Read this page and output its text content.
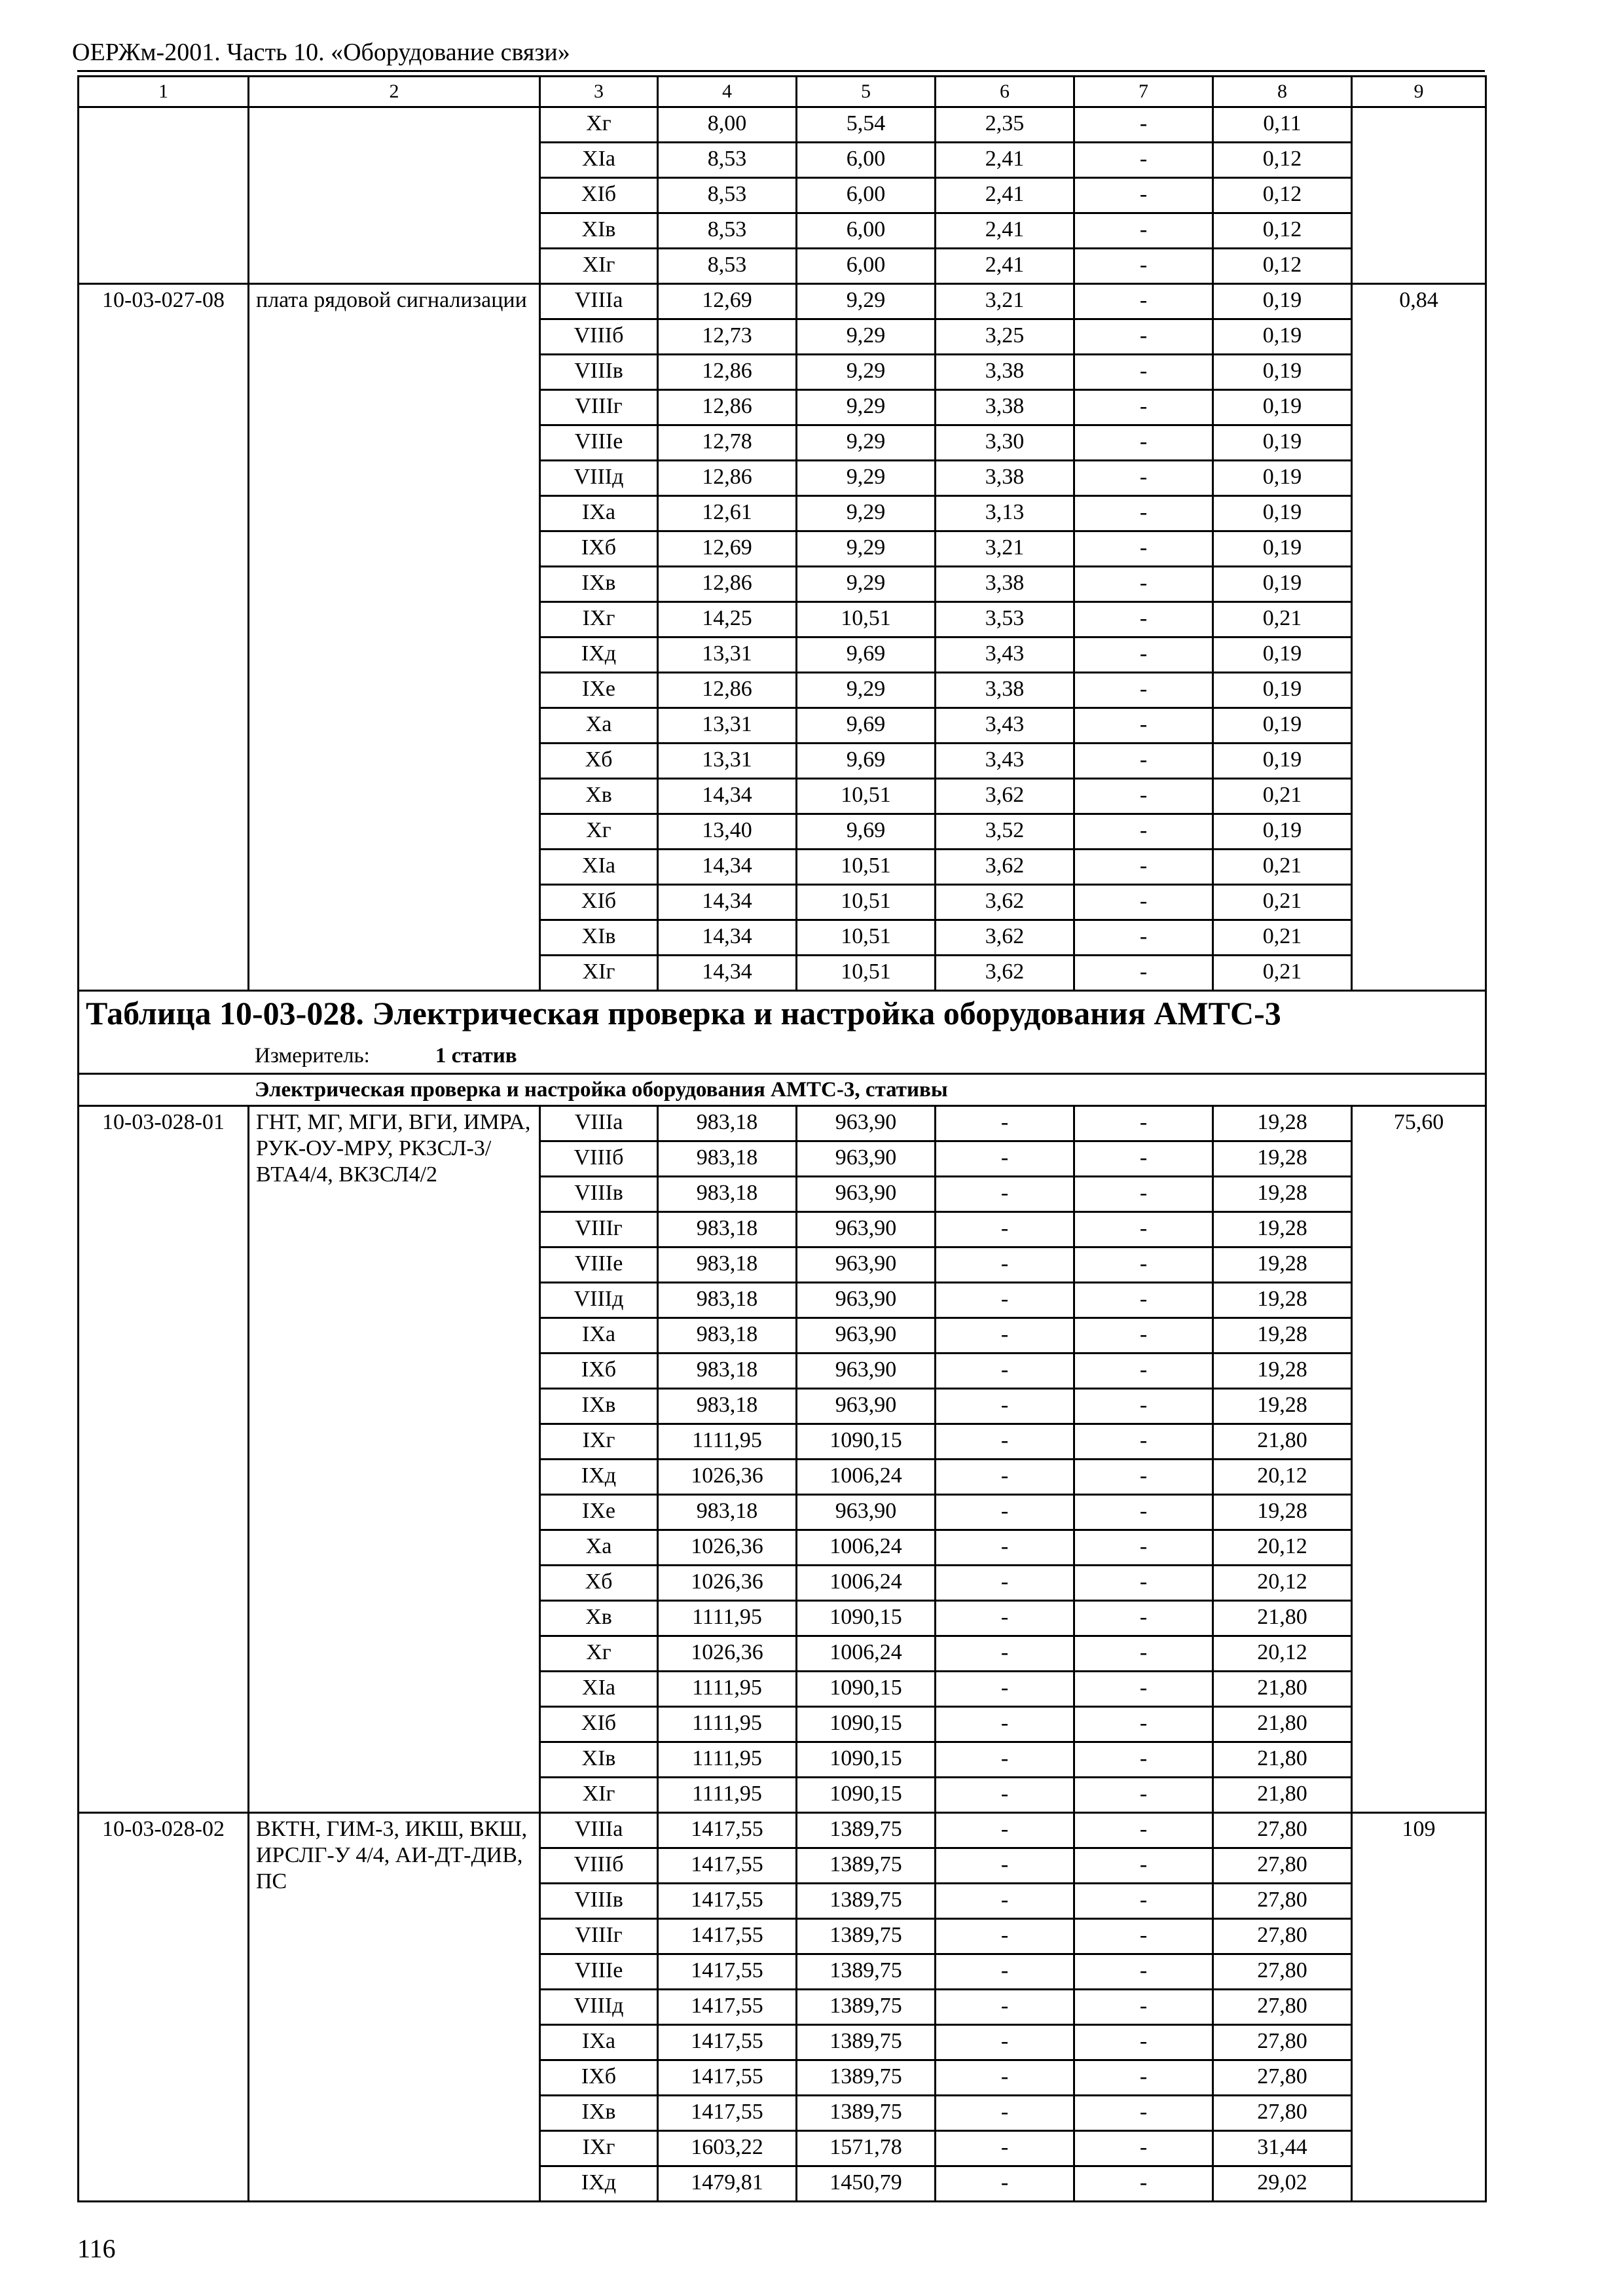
ОЕРЖм-2001. Часть 10. «Оборудование связи»
1	2	3	4	5	6	7	8	9
		Xг	8,00	5,54	2,35	-	0,11	
		XIа	8,53	6,00	2,41	-	0,12	
		XIб	8,53	6,00	2,41	-	0,12	
		XIв	8,53	6,00	2,41	-	0,12	
		XIг	8,53	6,00	2,41	-	0,12	
10-03-027-08	плата рядовой сигнализации	VIIIа	12,69	9,29	3,21	-	0,19	0,84
		VIIIб	12,73	9,29	3,25	-	0,19	
		VIIIв	12,86	9,29	3,38	-	0,19	
		VIIIг	12,86	9,29	3,38	-	0,19	
		VIIIе	12,78	9,29	3,30	-	0,19	
		VIIIд	12,86	9,29	3,38	-	0,19	
		IXа	12,61	9,29	3,13	-	0,19	
		IXб	12,69	9,29	3,21	-	0,19	
		IXв	12,86	9,29	3,38	-	0,19	
		IXг	14,25	10,51	3,53	-	0,21	
		IXд	13,31	9,69	3,43	-	0,19	
		IXе	12,86	9,29	3,38	-	0,19	
		Xа	13,31	9,69	3,43	-	0,19	
		Xб	13,31	9,69	3,43	-	0,19	
		Xв	14,34	10,51	3,62	-	0,21	
		Xг	13,40	9,69	3,52	-	0,19	
		XIа	14,34	10,51	3,62	-	0,21	
		XIб	14,34	10,51	3,62	-	0,21	
		XIв	14,34	10,51	3,62	-	0,21	
		XIг	14,34	10,51	3,62	-	0,21	

Таблица 10-03-028. Электрическая проверка и настройка оборудования АМТС-3
Измеритель: 1 статив								

Электрическая проверка и настройка оборудования АМТС-3, стативы								
10-03-028-01	ГНТ, МГ, МГИ, ВГИ, ИМРА, РУК-ОУ-МРУ, РКЗСЛ-3/ВТА4/4, ВКЗСЛ4/2	VIIIа	983,18	963,90	-	-	19,28	75,60
		VIIIб	983,18	963,90	-	-	19,28	
		VIIIв	983,18	963,90	-	-	19,28	
		VIIIг	983,18	963,90	-	-	19,28	
		VIIIе	983,18	963,90	-	-	19,28	
		VIIIд	983,18	963,90	-	-	19,28	
		IXа	983,18	963,90	-	-	19,28	
		IXб	983,18	963,90	-	-	19,28	
		IXв	983,18	963,90	-	-	19,28	
		IXг	1111,95	1090,15	-	-	21,80	
		IXд	1026,36	1006,24	-	-	20,12	
		IXе	983,18	963,90	-	-	19,28	
		Xа	1026,36	1006,24	-	-	20,12	
		Xб	1026,36	1006,24	-	-	20,12	
		Xв	1111,95	1090,15	-	-	21,80	
		Xг	1026,36	1006,24	-	-	20,12	
		XIа	1111,95	1090,15	-	-	21,80	
		XIб	1111,95	1090,15	-	-	21,80	
		XIв	1111,95	1090,15	-	-	21,80	
		XIг	1111,95	1090,15	-	-	21,80	
10-03-028-02	ВКТН, ГИМ-3, ИКШ, ВКШ, ИРСЛГ-У 4/4, АИ-ДТ-ДИВ, ПС	VIIIа	1417,55	1389,75	-	-	27,80	109
		VIIIб	1417,55	1389,75	-	-	27,80	
		VIIIв	1417,55	1389,75	-	-	27,80	
		VIIIг	1417,55	1389,75	-	-	27,80	
		VIIIе	1417,55	1389,75	-	-	27,80	
		VIIIд	1417,55	1389,75	-	-	27,80	
		IXа	1417,55	1389,75	-	-	27,80	
		IXб	1417,55	1389,75	-	-	27,80	
		IXв	1417,55	1389,75	-	-	27,80	
		IXг	1603,22	1571,78	-	-	31,44	
		IXд	1479,81	1450,79	-	-	29,02	
116
